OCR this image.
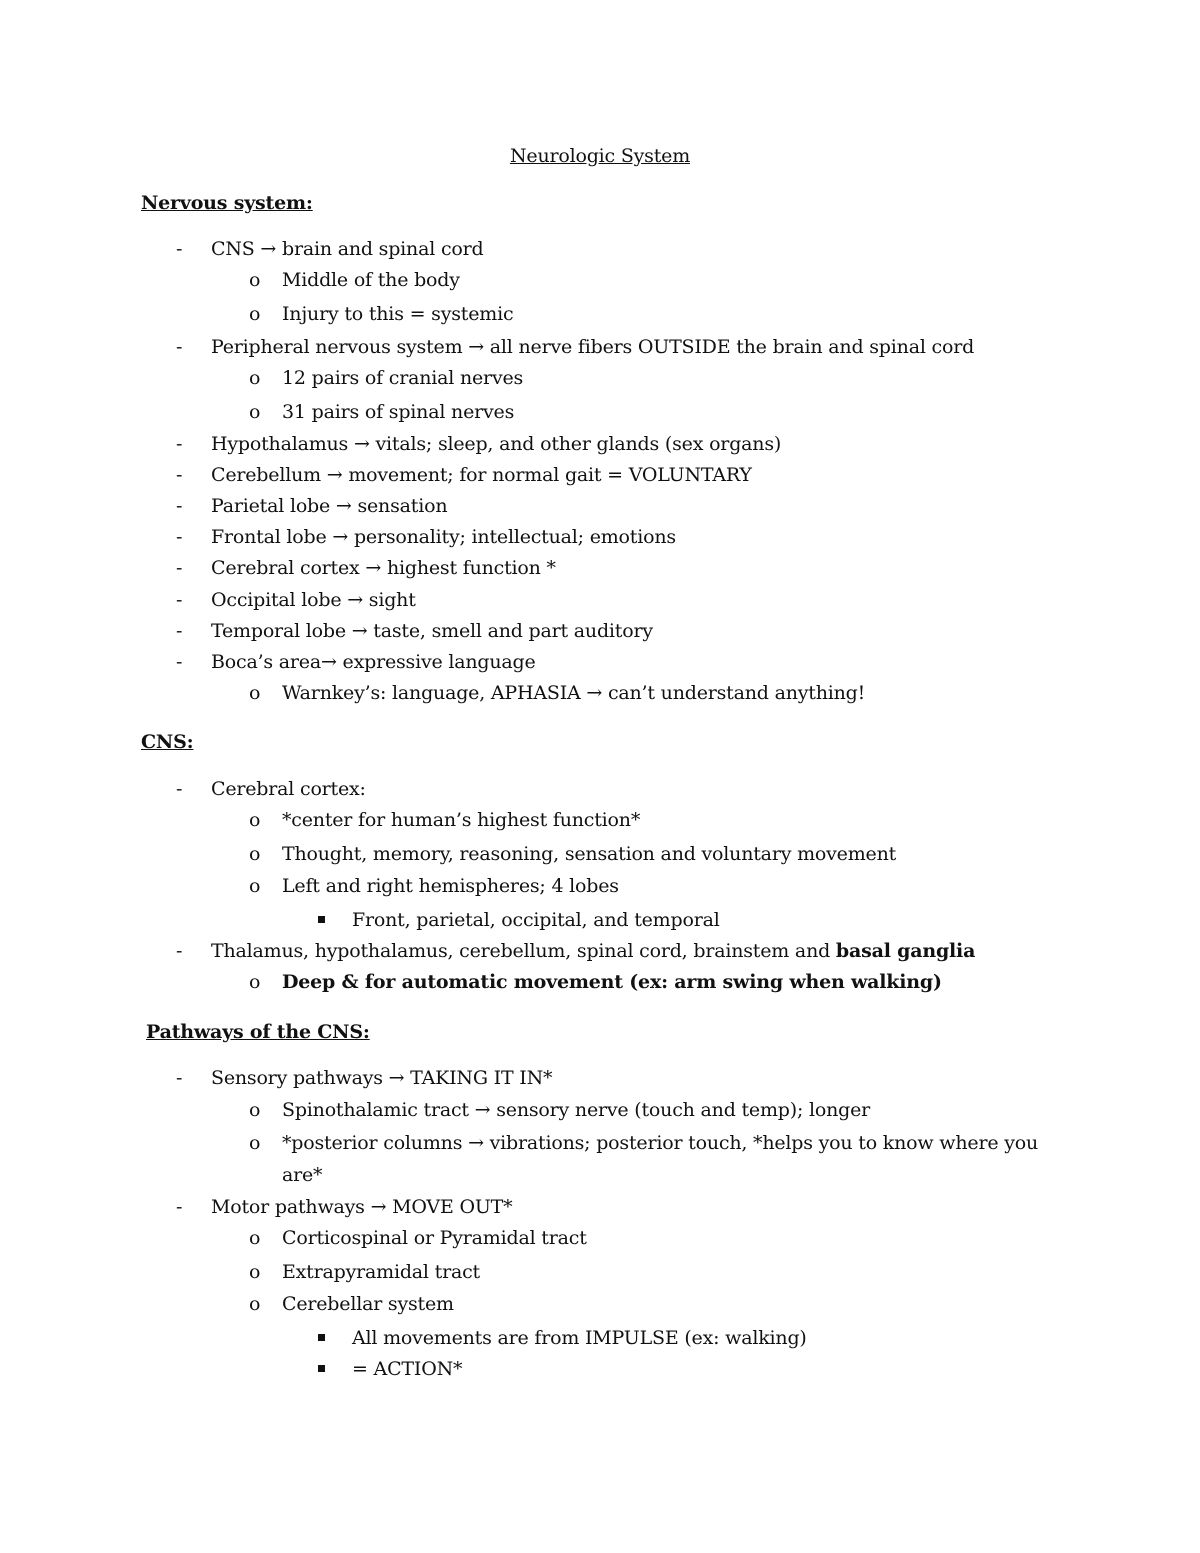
Neurologic System
Nervous system:
- CNS → brain and spinal cord
o Middle of the body
o Injury to this = systemic
- Peripheral nervous system → all nerve fibers OUTSIDE the brain and spinal cord
o 12 pairs of cranial nerves
o 31 pairs of spinal nerves
- Hypothalamus → vitals; sleep, and other glands (sex organs)
- Cerebellum → movement; for normal gait = VOLUNTARY
- Parietal lobe → sensation
- Frontal lobe → personality; intellectual; emotions
- Cerebral cortex → highest function *
- Occipital lobe → sight
- Temporal lobe → taste, smell and part auditory
- Boca’s area→ expressive language
o Warnkey’s: language, APHASIA → can’t understand anything!
CNS:
- Cerebral cortex:
o *center for human’s highest function*
o Thought, memory, reasoning, sensation and voluntary movement
o Left and right hemispheres; 4 lobes
Front, parietal, occipital, and temporal
- Thalamus, hypothalamus, cerebellum, spinal cord, brainstem and basal ganglia
o Deep & for automatic movement (ex: arm swing when walking)
Pathways of the CNS:
- Sensory pathways → TAKING IT IN*
o Spinothalamic tract → sensory nerve (touch and temp); longer
o *posterior columns → vibrations; posterior touch, *helps you to know where you
are*
- Motor pathways → MOVE OUT*
o Corticospinal or Pyramidal tract
o Extrapyramidal tract
o Cerebellar system
All movements are from IMPULSE (ex: walking)
= ACTION*
